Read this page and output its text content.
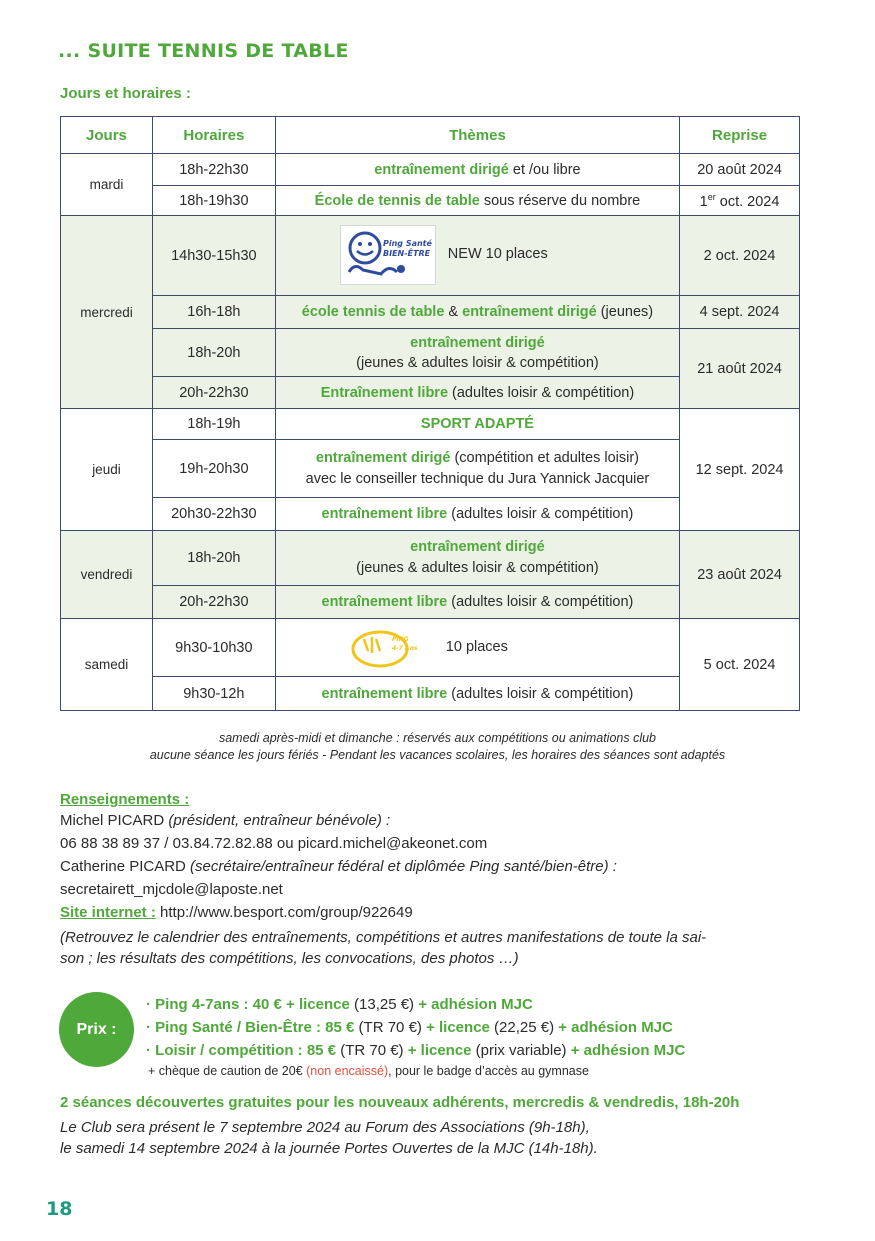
... SUITE TENNIS DE TABLE
Jours et horaires :
Jours	Horaires	Thèmes	Reprise
mardi	18h-22h30	entraînement dirigé et /ou libre	20 août 2024
	18h-19h30	École de tennis de table sous réserve du nombre	1er oct. 2024
mercredi	14h30-15h30	Ping Santé
BIEN-ÊTRE NEW 10 places	2 oct. 2024
	16h-18h	école tennis de table & entraînement dirigé (jeunes)	4 sept. 2024
	18h-20h	entraînement dirigé
(jeunes & adultes loisir & compétition)	21 août 2024
	20h-22h30	Entraînement libre (adultes loisir & compétition)	
jeudi	18h-19h	SPORT ADAPTÉ	12 sept. 2024
	19h-20h30	entraînement dirigé (compétition et adultes loisir)
avec le conseiller technique du Jura Yannick Jacquier	

	20h30-22h30	entraînement libre (adultes loisir & compétition)	
vendredi	18h-20h	entraînement dirigé
(jeunes & adultes loisir & compétition)	23 août 2024
	20h-22h30	entraînement libre (adultes loisir & compétition)	
samedi	9h30-10h30	PING
4-7 Ans 10 places	5 oct. 2024
	9h30-12h	entraînement libre (adultes loisir & compétition)	
samedi après-midi et dimanche : réservés aux compétitions ou animations club
aucune séance les jours fériés - Pendant les vacances scolaires, les horaires des séances sont adaptés
Renseignements :
Michel PICARD (président, entraîneur bénévole) :
06 88 38 89 37 / 03.84.72.82.88 ou picard.michel@akeonet.com
Catherine PICARD (secrétaire/entraîneur fédéral et diplômée Ping santé/bien-être) :
secretairett_mjcdole@laposte.net
Site internet : http://www.besport.com/group/922649
(Retrouvez le calendrier des entraînements, compétitions et autres manifestations de toute la sai-
son ; les résultats des compétitions, les convocations, des photos …)
Prix :
· Ping 4-7ans : 40 € + licence (13,25 €) + adhésion MJC
· Ping Santé / Bien-Être : 85 € (TR 70 €) + licence (22,25 €) + adhésion MJC
· Loisir / compétition : 85 € (TR 70 €) + licence (prix variable) + adhésion MJC
+ chèque de caution de 20€ (non encaissé), pour le badge d’accès au gymnase
2 séances découvertes gratuites pour les nouveaux adhérents, mercredis & vendredis, 18h-20h
Le Club sera présent le 7 septembre 2024 au Forum des Associations (9h-18h),
le samedi 14 septembre 2024 à la journée Portes Ouvertes de la MJC (14h-18h).
18
